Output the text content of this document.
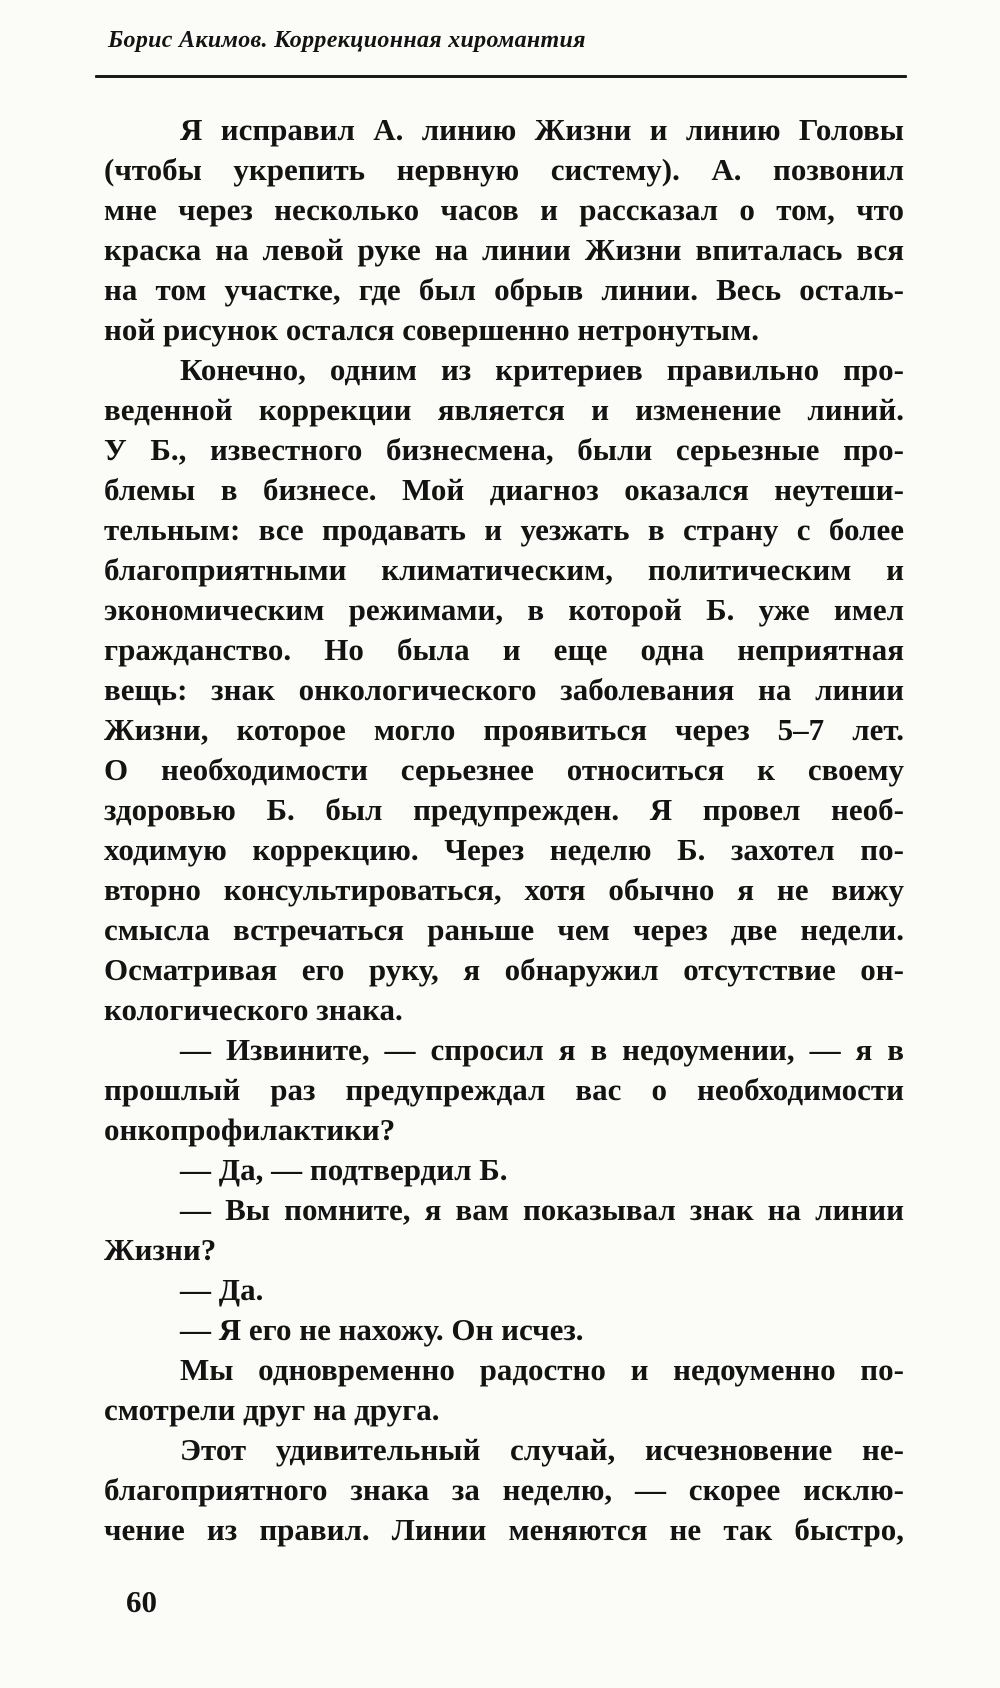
Борис Акимов. Коррекционная хиромантия
Я исправил А. линию Жизни и линию Головы
(чтобы укрепить нервную систему). А. позвонил
мне через несколько часов и рассказал о том, что
краска на левой руке на линии Жизни впиталась вся
на том участке, где был обрыв линии. Весь осталь-
ной рисунок остался совершенно нетронутым.
Конечно, одним из критериев правильно про-
веденной коррекции является и изменение линий.
У Б., известного бизнесмена, были серьезные про-
блемы в бизнесе. Мой диагноз оказался неутеши-
тельным: все продавать и уезжать в страну с более
благоприятными климатическим, политическим и
экономическим режимами, в которой Б. уже имел
гражданство. Но была и еще одна неприятная
вещь: знак онкологического заболевания на линии
Жизни, которое могло проявиться через 5–7 лет.
О необходимости серьезнее относиться к своему
здоровью Б. был предупрежден. Я провел необ-
ходимую коррекцию. Через неделю Б. захотел по-
вторно консультироваться, хотя обычно я не вижу
смысла встречаться раньше чем через две недели.
Осматривая его руку, я обнаружил отсутствие он-
кологического знака.
— Извините, — спросил я в недоумении, — я в
прошлый раз предупреждал вас о необходимости
онкопрофилактики?
— Да, — подтвердил Б.
— Вы помните, я вам показывал знак на линии
Жизни?
— Да.
— Я его не нахожу. Он исчез.
Мы одновременно радостно и недоуменно по-
смотрели друг на друга.
Этот удивительный случай, исчезновение не-
благоприятного знака за неделю, — скорее исклю-
чение из правил. Линии меняются не так быстро,
60
